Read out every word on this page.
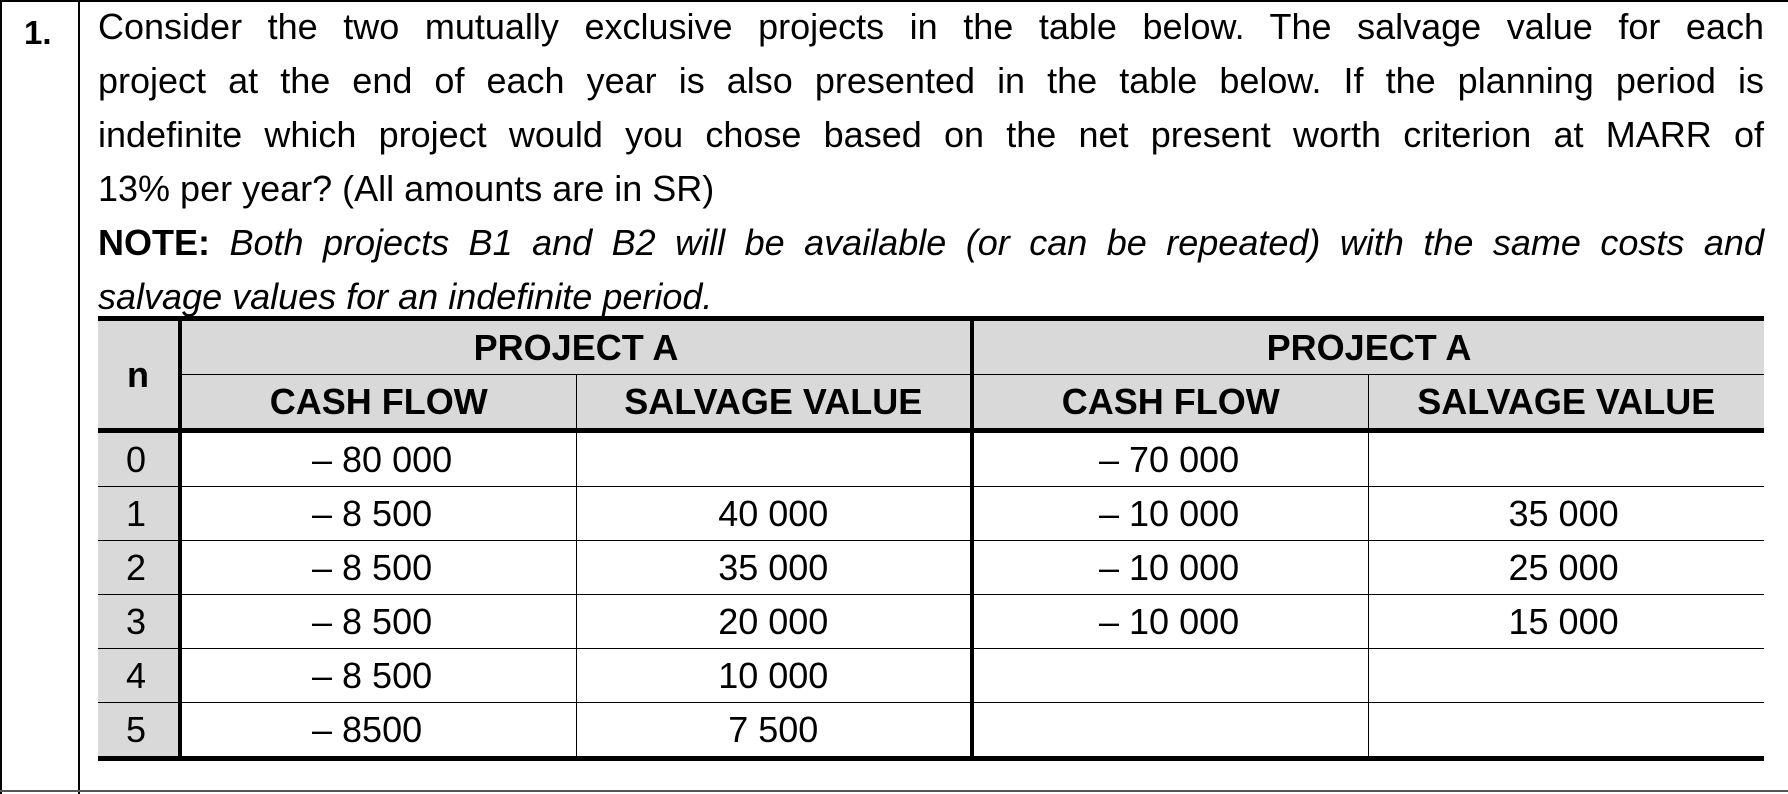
1. Consider the two mutually exclusive projects in the table below. The salvage value for each
project at the end of each year is also presented in the table below. If the planning period is
indefinite which project would you chose based on the net present worth criterion at MARR of
13% per year? (All amounts are in SR)
NOTE: Both projects B1 and B2 will be available (or can be repeated) with the same costs and
salvage values for an indefinite period.
n	PROJECT A		PROJECT A	
	CASH FLOW	SALVAGE VALUE	CASH FLOW	SALVAGE VALUE
0	– 80 000		– 70 000	
1	– 8 500	40 000	– 10 000	35 000
2	– 8 500	35 000	– 10 000	25 000
3	– 8 500	20 000	– 10 000	15 000
4	– 8 500	10 000		
5	– 8500	7 500		
